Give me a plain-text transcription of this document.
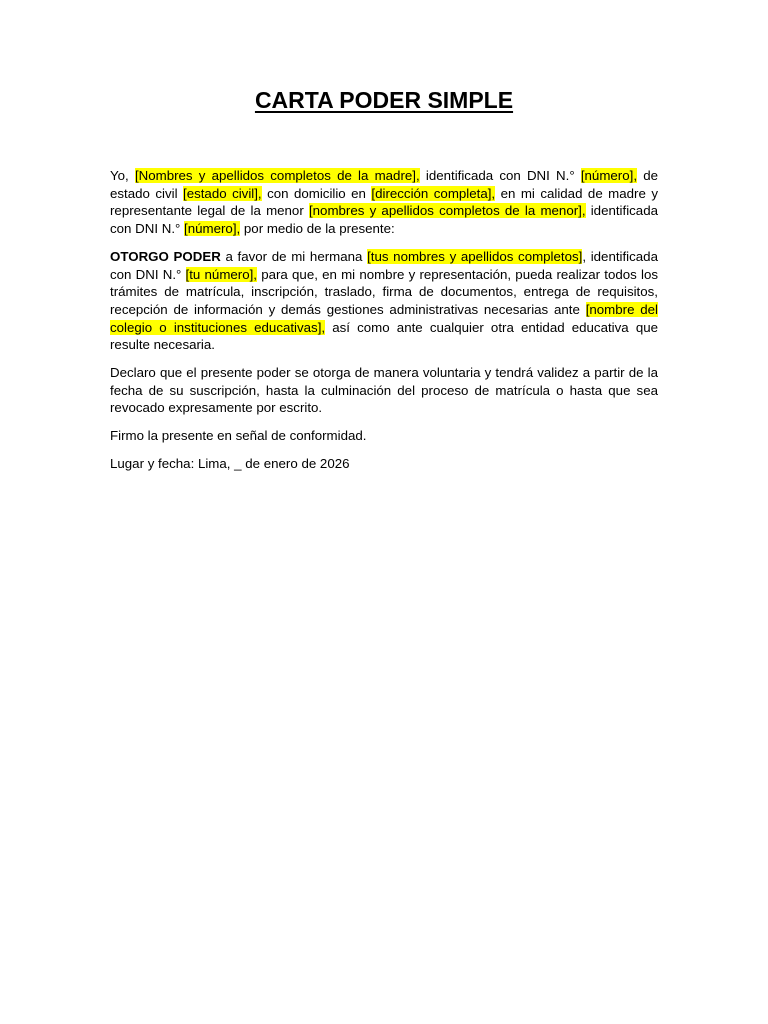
CARTA PODER SIMPLE

Yo, [Nombres y apellidos completos de la madre], identificada con DNI N.° [número], de estado civil [estado civil], con domicilio en [dirección completa], en mi calidad de madre y representante legal de la menor [nombres y apellidos completos de la menor], identificada con DNI N.° [número], por medio de la presente:

OTORGO PODER a favor de mi hermana [tus nombres y apellidos completos], identificada con DNI N.° [tu número], para que, en mi nombre y representación, pueda realizar todos los trámites de matrícula, inscripción, traslado, firma de documentos, entrega de requisitos, recepción de información y demás gestiones administrativas necesarias ante [nombre del colegio o instituciones educativas], así como ante cualquier otra entidad educativa que resulte necesaria.

Declaro que el presente poder se otorga de manera voluntaria y tendrá validez a partir de la fecha de su suscripción, hasta la culminación del proceso de matrícula o hasta que sea revocado expresamente por escrito.

Firmo la presente en señal de conformidad.

Lugar y fecha: Lima, _ de enero de 2026
